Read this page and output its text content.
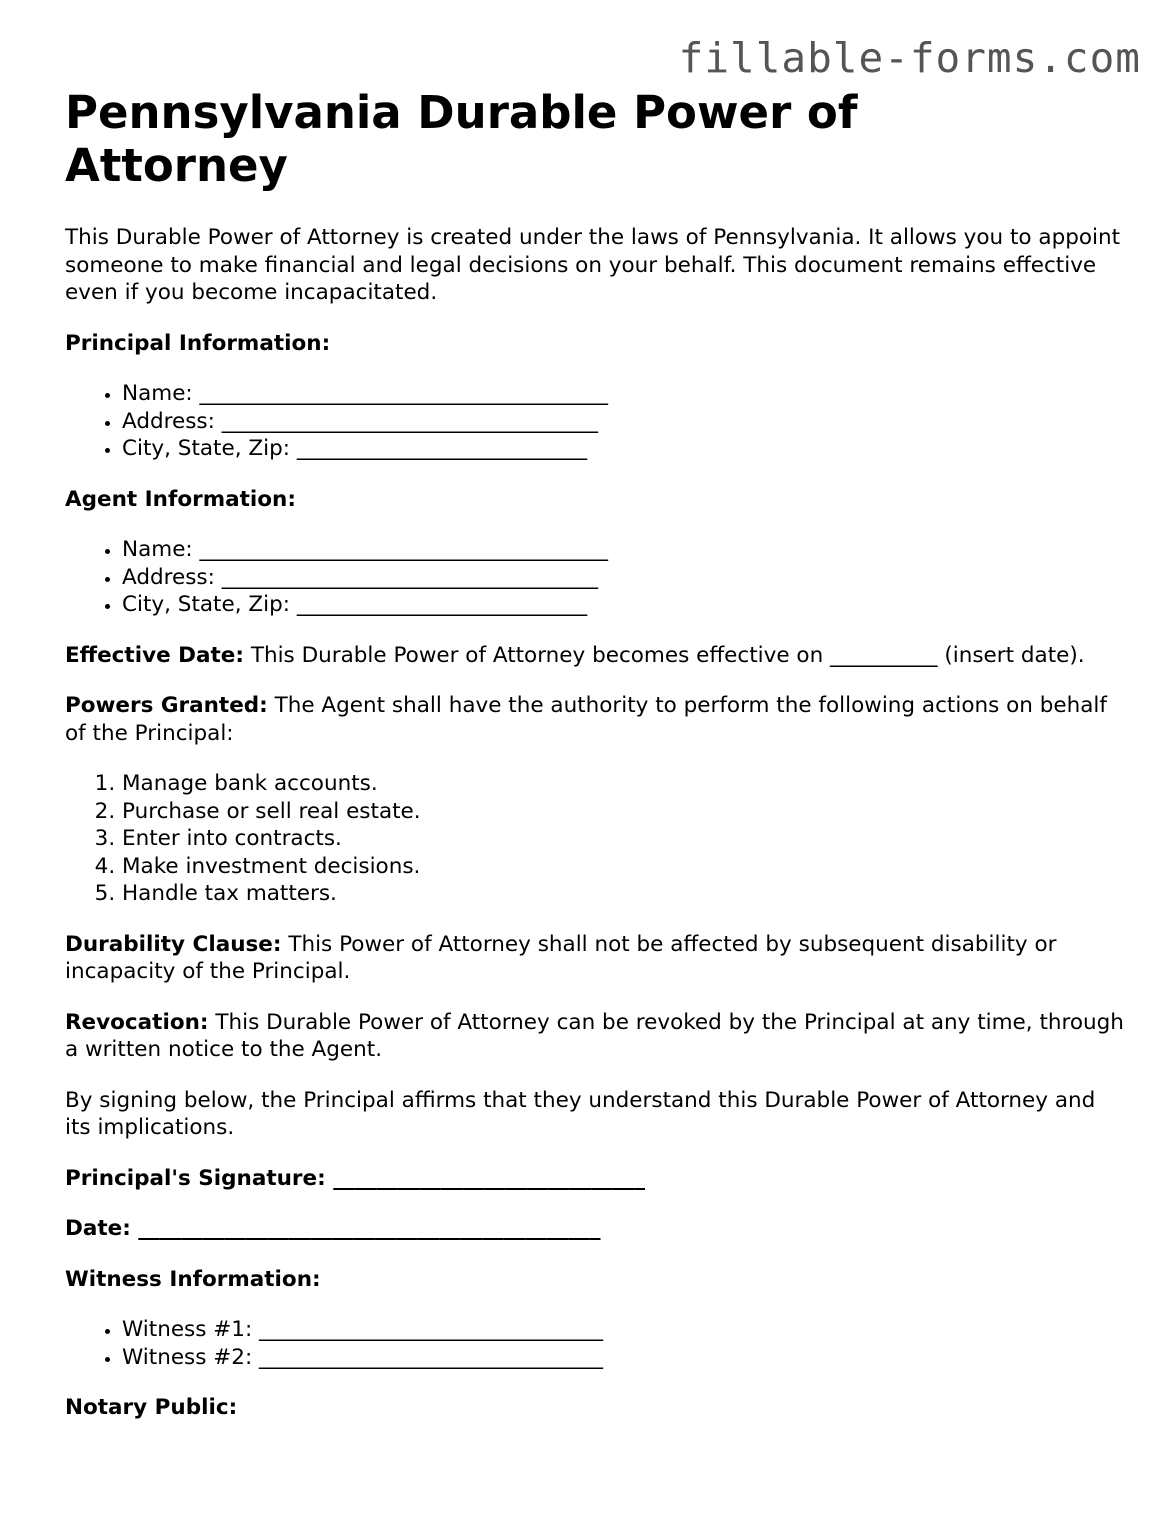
fillable-forms.com
Pennsylvania Durable Power of Attorney

This Durable Power of Attorney is created under the laws of Pennsylvania. It allows you to appoint someone to make financial and legal decisions on your behalf. This document remains effective even if you become incapacitated.

Principal Information:

• Name: ______________________________________
• Address: ___________________________________
• City, State, Zip: ___________________________

Agent Information:

• Name: ______________________________________
• Address: ___________________________________
• City, State, Zip: ___________________________

Effective Date: This Durable Power of Attorney becomes effective on __________ (insert date).

Powers Granted: The Agent shall have the authority to perform the following actions on behalf of the Principal:

1. Manage bank accounts.
2. Purchase or sell real estate.
3. Enter into contracts.
4. Make investment decisions.
5. Handle tax matters.

Durability Clause: This Power of Attorney shall not be affected by subsequent disability or incapacity of the Principal.

Revocation: This Durable Power of Attorney can be revoked by the Principal at any time, through a written notice to the Agent.

By signing below, the Principal affirms that they understand this Durable Power of Attorney and its implications.

Principal's Signature: _____________________________

Date: ___________________________________________

Witness Information:

• Witness #1: ________________________________
• Witness #2: ________________________________

Notary Public:
